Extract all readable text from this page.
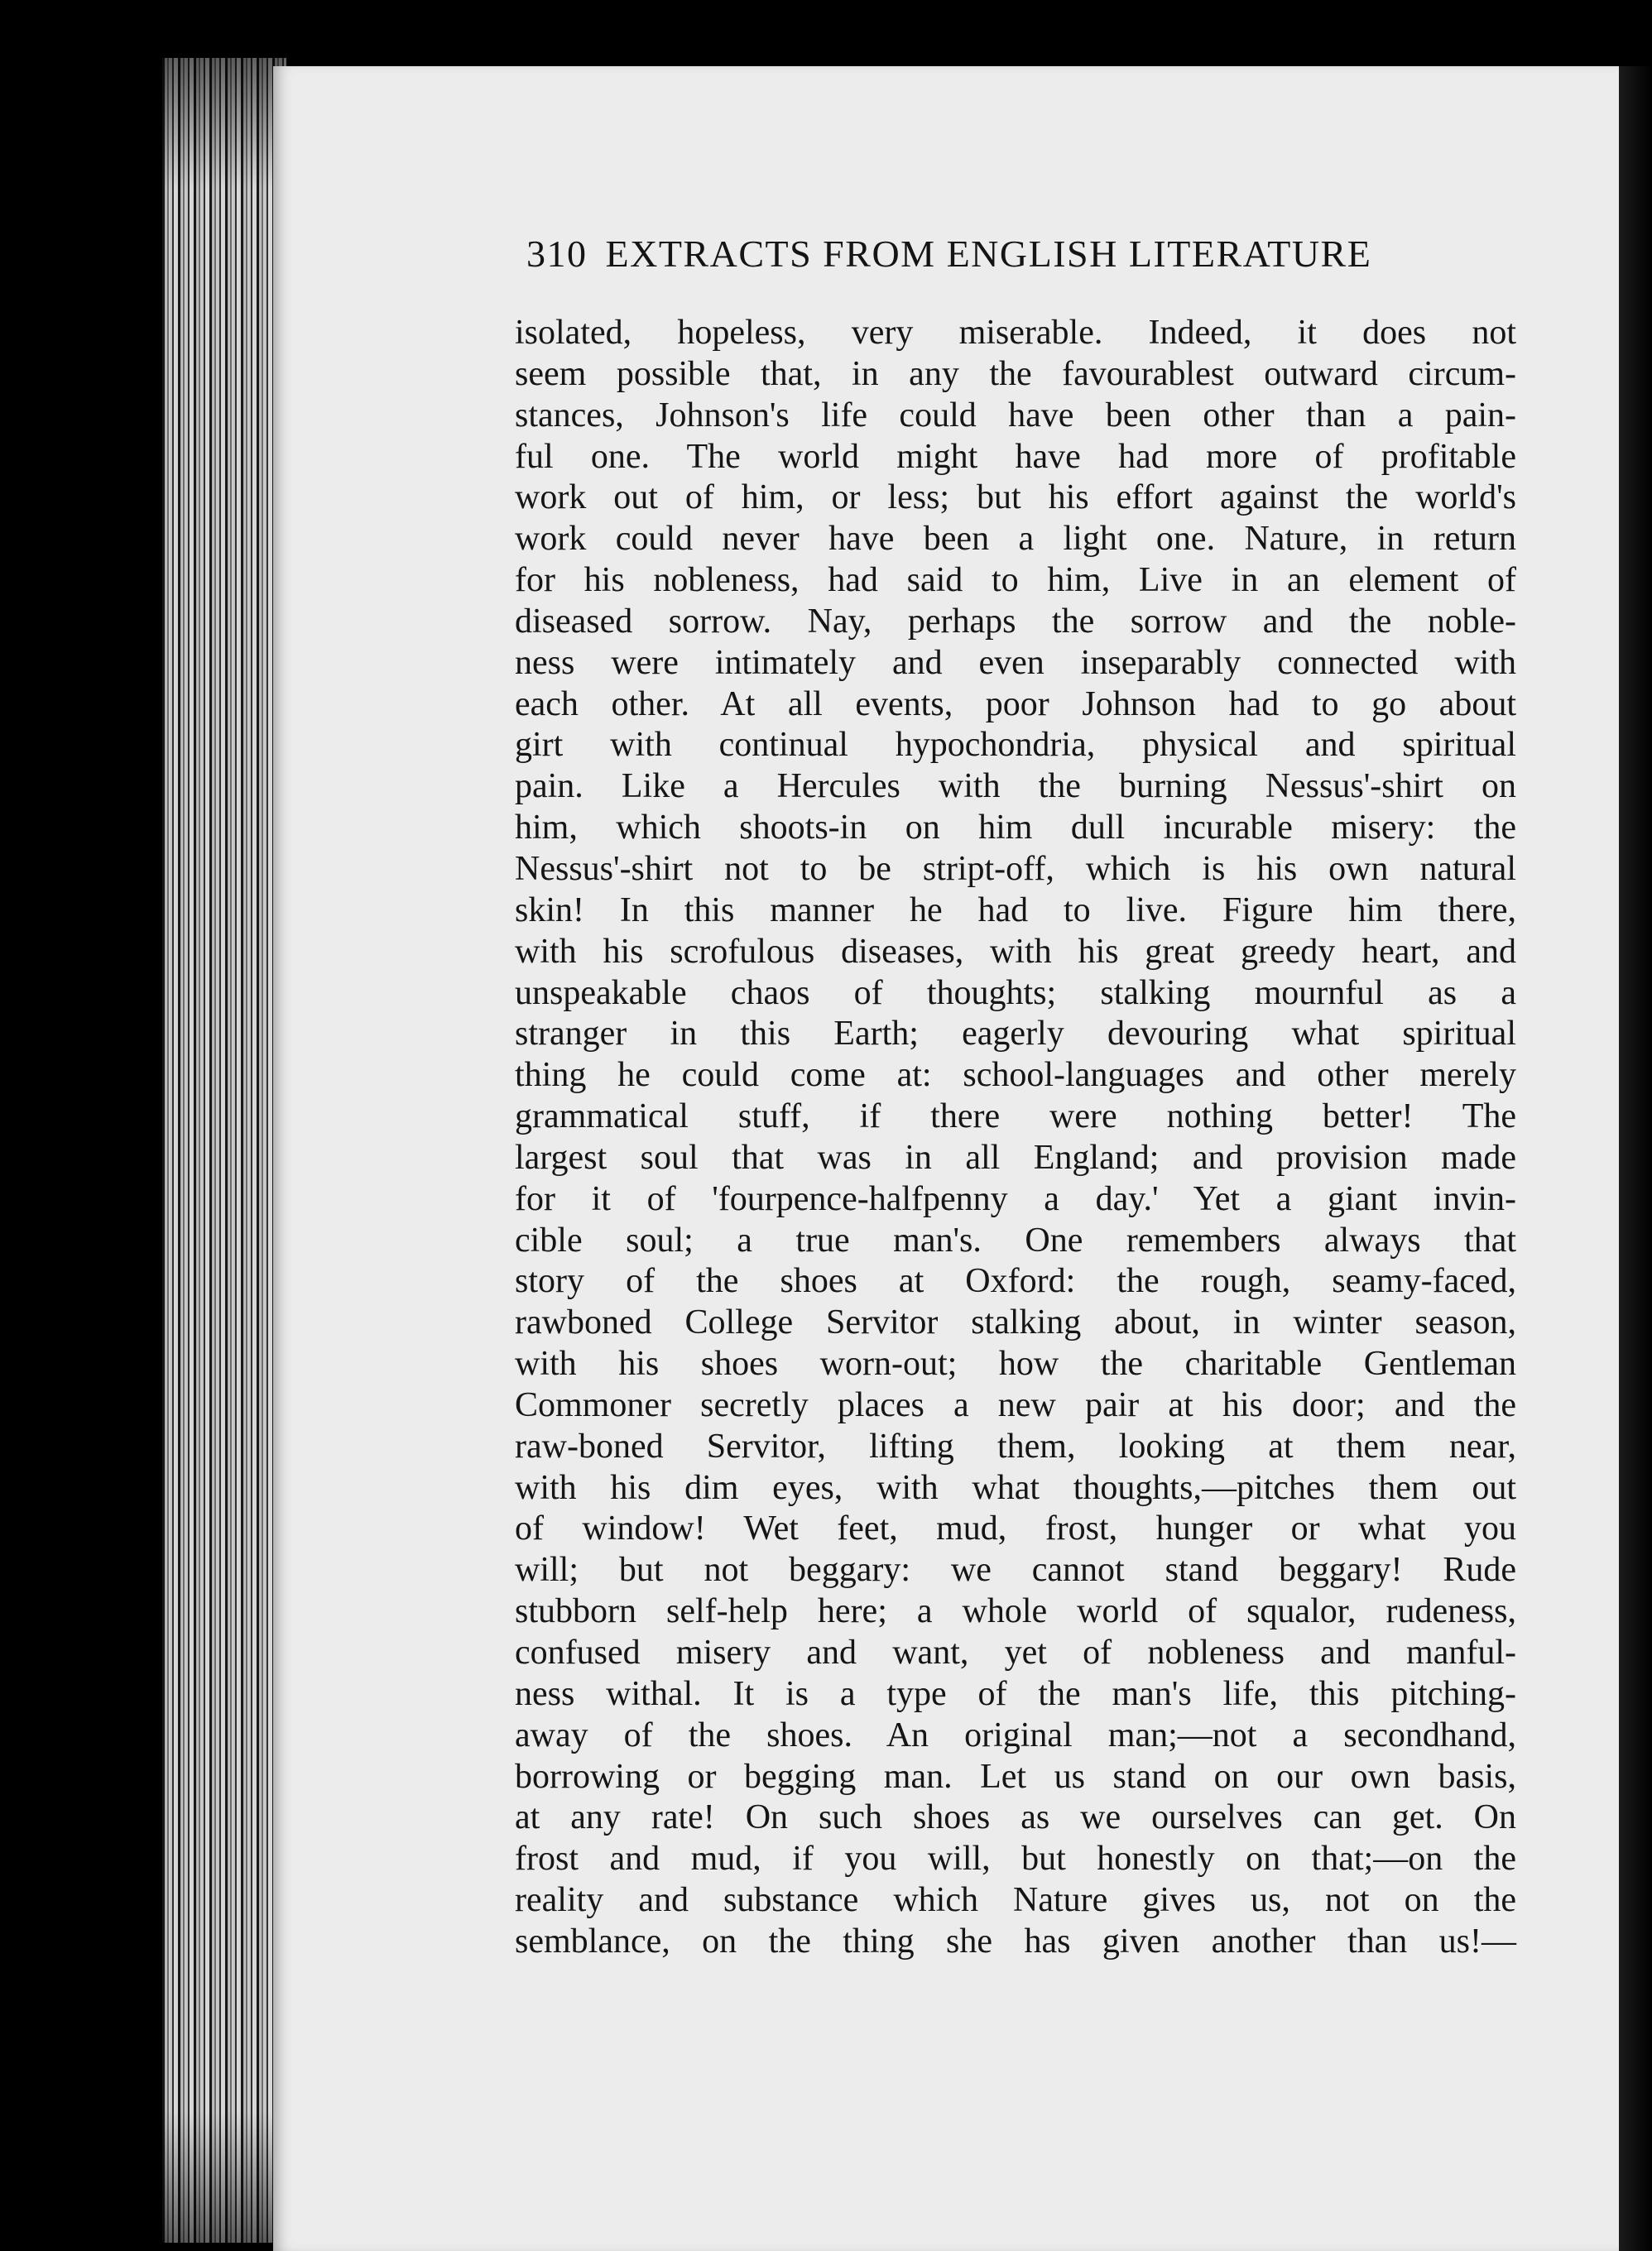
310 EXTRACTS FROM ENGLISH LITERATURE
isolated, hopeless, very miserable. Indeed, it does not
seem possible that, in any the favourablest outward circum-
stances, Johnson's life could have been other than a pain-
ful one. The world might have had more of profitable
work out of him, or less; but his effort against the world's
work could never have been a light one. Nature, in return
for his nobleness, had said to him, Live in an element of
diseased sorrow. Nay, perhaps the sorrow and the noble-
ness were intimately and even inseparably connected with
each other. At all events, poor Johnson had to go about
girt with continual hypochondria, physical and spiritual
pain. Like a Hercules with the burning Nessus'-shirt on
him, which shoots-in on him dull incurable misery: the
Nessus'-shirt not to be stript-off, which is his own natural
skin! In this manner he had to live. Figure him there,
with his scrofulous diseases, with his great greedy heart, and
unspeakable chaos of thoughts; stalking mournful as a
stranger in this Earth; eagerly devouring what spiritual
thing he could come at: school-languages and other merely
grammatical stuff, if there were nothing better! The
largest soul that was in all England; and provision made
for it of 'fourpence-halfpenny a day.' Yet a giant invin-
cible soul; a true man's. One remembers always that
story of the shoes at Oxford: the rough, seamy-faced,
rawboned College Servitor stalking about, in winter season,
with his shoes worn-out; how the charitable Gentleman
Commoner secretly places a new pair at his door; and the
raw-boned Servitor, lifting them, looking at them near,
with his dim eyes, with what thoughts,—pitches them out
of window! Wet feet, mud, frost, hunger or what you
will; but not beggary: we cannot stand beggary! Rude
stubborn self-help here; a whole world of squalor, rudeness,
confused misery and want, yet of nobleness and manful-
ness withal. It is a type of the man's life, this pitching-
away of the shoes. An original man;—not a secondhand,
borrowing or begging man. Let us stand on our own basis,
at any rate! On such shoes as we ourselves can get. On
frost and mud, if you will, but honestly on that;—on the
reality and substance which Nature gives us, not on the
semblance, on the thing she has given another than us!—
